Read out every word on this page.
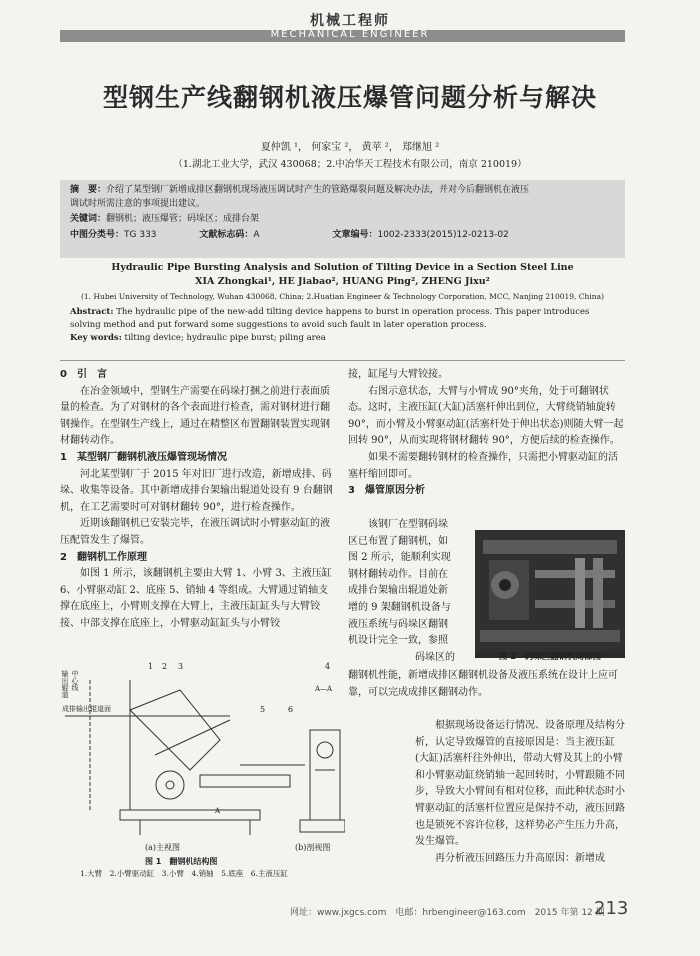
机械工程师
MECHANICAL ENGINEER
型钢生产线翻钢机液压爆管问题分析与解决
夏仲凯 ¹， 何家宝 ²， 黄苹 ²， 郑继旭 ²
（1.湖北工业大学，武汉 430068；2.中冶华天工程技术有限公司，南京 210019）
摘　要：介绍了某型钢厂新增成排区翻钢机现场液压调试时产生的管路爆裂问题及解决办法，并对今后翻钢机在液压
调试时所需注意的事项提出建议。
关键词：翻钢机；液压爆管；码垛区；成排台架
中图分类号：TG 333	文献标志码：A	文章编号：1002-2333(2015)12-0213-02
Hydraulic Pipe Bursting Analysis and Solution of Tilting Device in a Section Steel Line
XIA Zhongkai¹, HE Jiabao², HUANG Ping², ZHENG Jixu²
(1. Hubei University of Technology, Wuhan 430068, China; 2.Huatian Engineer & Technology Corporation, MCC, Nanjing 210019, China)
Abstract: The hydraulic pipe of the new-add tilting device happens to burst in operation process. This paper introduces solving method and put forward some suggestions to avoid such fault in later operation process.
Key words: tilting device; hydraulic pipe burst; piling area
0　引　言

在冶金领域中，型钢生产需要在码垛打捆之前进行表面质量的检查。为了对钢材的各个表面进行检查，需对钢材进行翻钢操作。在型钢生产线上，通过在精整区布置翻钢装置实现钢材翻转动作。

1　某型钢厂翻钢机液压爆管现场情况

河北某型钢厂于 2015 年对旧厂进行改造，新增成排、码垛、收集等设备。其中新增成排台架输出辊道处设有 9 台翻钢机，在工艺需要时可对钢材翻转 90°，进行检查操作。

近期该翻钢机已安装完毕，在液压调试时小臂驱动缸的液压配管发生了爆管。

2　翻钢机工作原理

如图 1 所示，该翻钢机主要由大臂 1、小臂 3、主液压缸 6、小臂驱动缸 2、底座 5、销轴 4 等组成。大臂通过销轴支撑在底座上，小臂则支撑在大臂上，主液压缸缸头与大臂铰接、中部支撑在底座上，小臂驱动缸缸头与小臂铰

接，缸尾与大臂铰接。

右图示意状态，大臂与小臂成 90°夹角，处于可翻钢状态。这时，主液压缸(大缸)活塞杆伸出到位，大臂绕销轴旋转 90°，而小臂及小臂驱动缸(活塞杆处于伸出状态)则随大臂一起回转 90°，从而实现将钢材翻转 90°，方便后续的检查操作。

如果不需要翻转钢材的检查操作，只需把小臂驱动缸的活塞杆缩回即可。

3　爆管原因分析
该钢厂在型钢码垛
区已布置了翻钢机，如
图 2 所示，能顺利实现
钢材翻转动作。目前在
成排台架输出辊道处新
增的 9 架翻钢机设备与
液压系统与码垛区翻钢
机设计完全一致，参照
码垛区的	图 2　码垛区翻钢机局部图

翻钢机性能，新增成排区翻钢机设备及液压系统在设计上应可靠，可以完成成排区翻钢动作。

根据现场设备运行情况、设备原理及结构分析，认定导致爆管的直接原因是：当主液压缸(大缸)活塞杆往外伸出，带动大臂及其上的小臂和小臂驱动缸绕销轴一起回转时，小臂跟随不同步，导致大小臂间有相对位移，而此种状态时小臂驱动缸的活塞杆位置应是保持不动，液压回路也是锁死不容许位移，这样势必产生压力升高，发生爆管。

再分析液压回路压力升高原因：新增成

输出辊道 中心线
成排输出辊道面
1 2 3	4
5	6
A—A
A
(a)主视图	(b)剖视图
图 1　翻钢机结构图
1.大臂　2.小臂驱动缸　3.小臂　4.销轴　5.底座　6.主液压缸
网址：www.jxgcs.com　电邮：hrbengineer@163.com　2015 年第 12 期
213
